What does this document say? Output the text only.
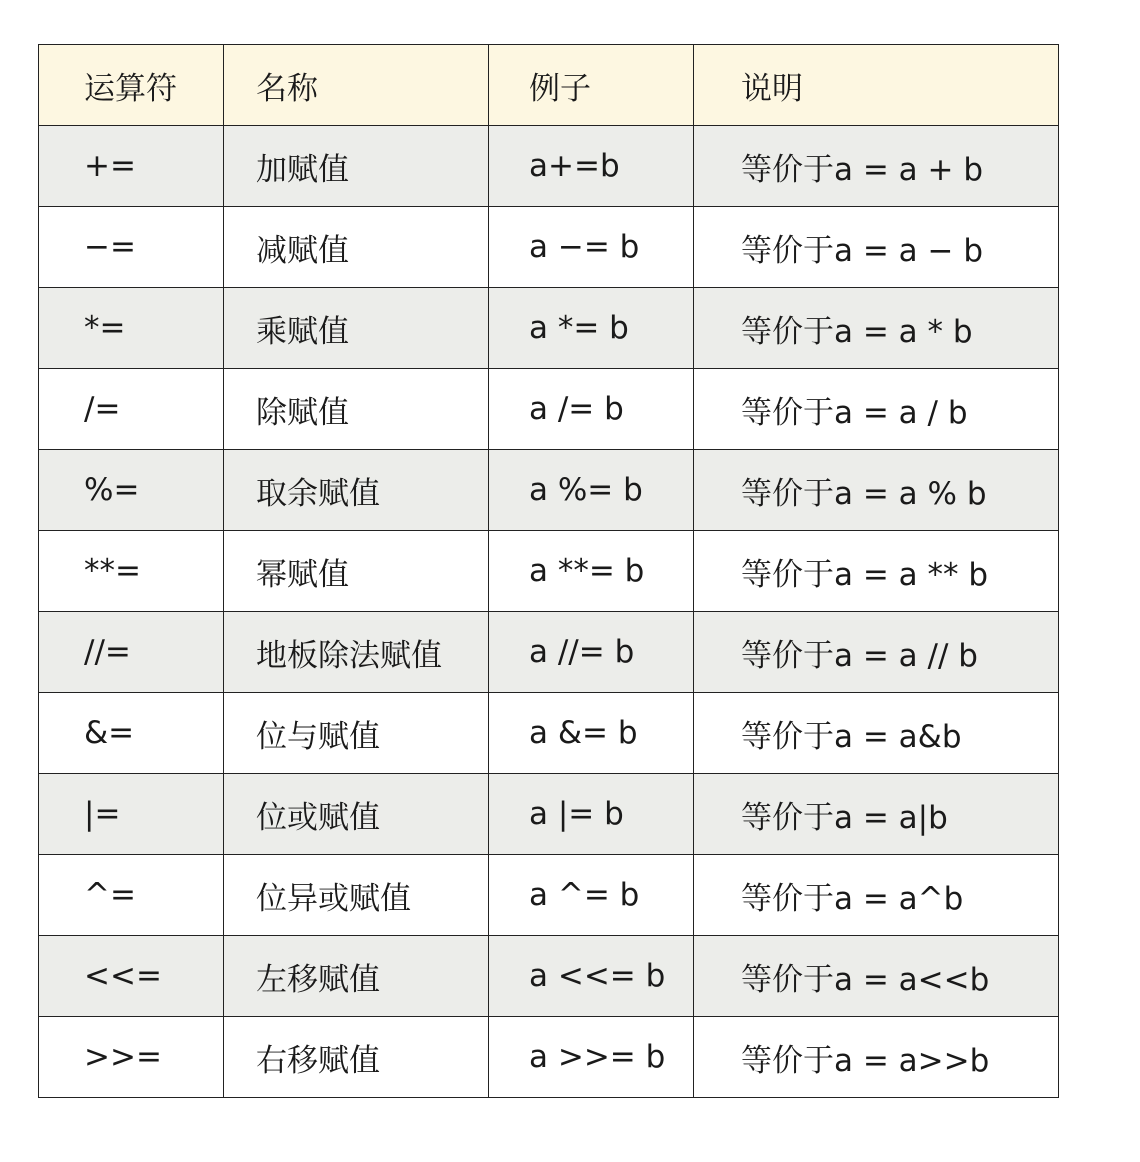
运算符	名称	例子	说明
+=	加赋值	a+=b	等价于a = a + b
−=	减赋值	a −= b	等价于a = a − b
*=	乘赋值	a *= b	等价于a = a * b
/=	除赋值	a /= b	等价于a = a / b
%=	取余赋值	a %= b	等价于a = a % b
**=	幂赋值	a **= b	等价于a = a ** b
//=	地板除法赋值	a //= b	等价于a = a // b
&=	位与赋值	a &= b	等价于a = a&b
|=	位或赋值	a |= b	等价于a = a|b
^=	位异或赋值	a ^= b	等价于a = a^b
<<=	左移赋值	a <<= b	等价于a = a<<b
>>=	右移赋值	a >>= b	等价于a = a>>b
